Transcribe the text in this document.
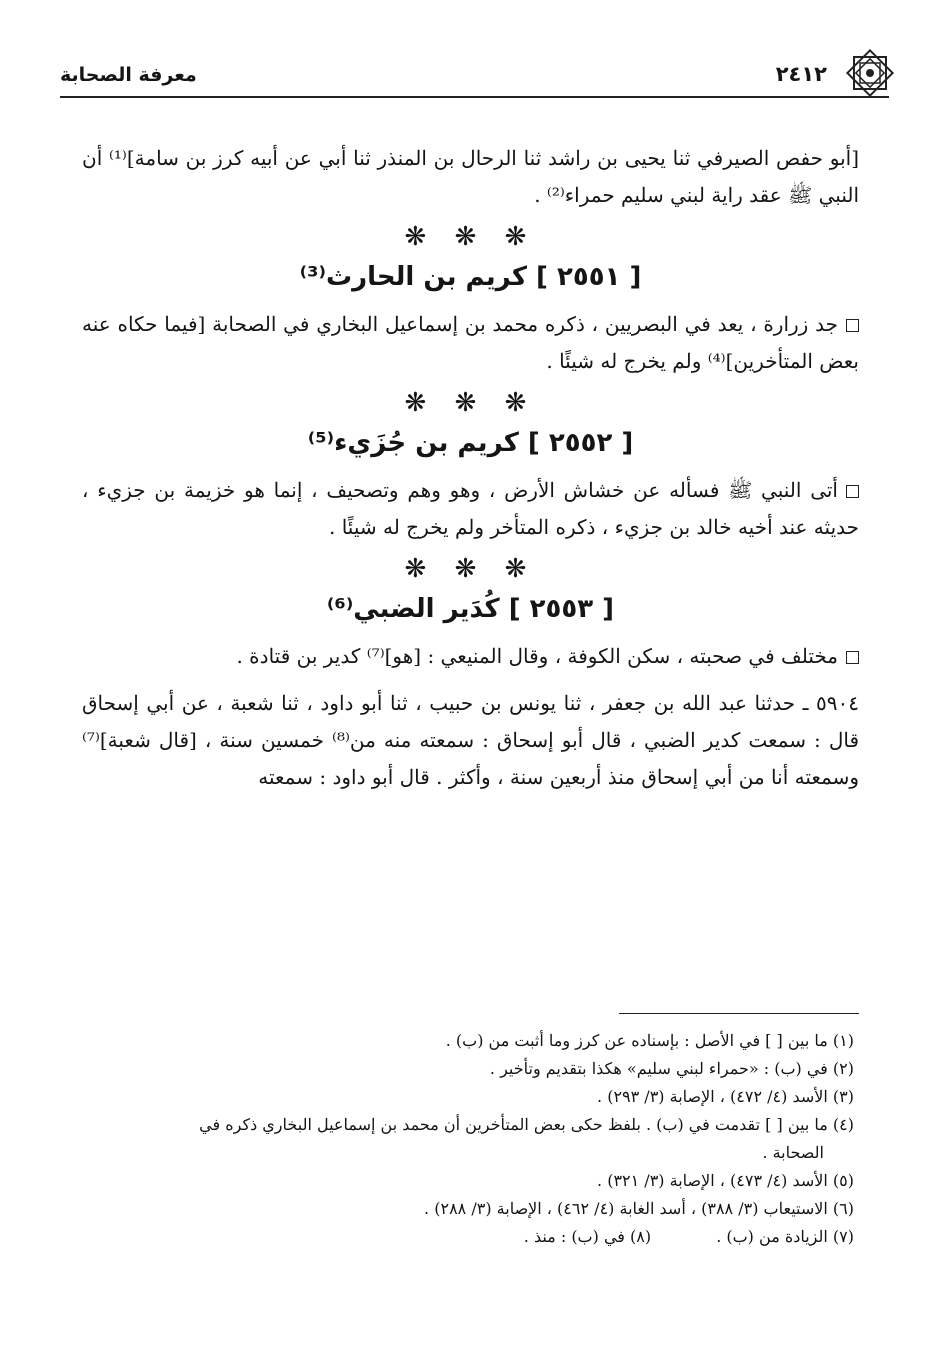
معرفة الصحابة	٢٤١٢

[أبو حفص الصيرفي ثنا يحيى بن راشد ثنا الرحال بن المنذر ثنا أبي عن أبيه كرز بن سامة]⁽¹⁾ أن النبي ﷺ عقد راية لبني سليم حمراء⁽²⁾ .

❋ ❋ ❋
[ ٢٥٥١ ] كريم بن الحارث⁽³⁾

جد زرارة ، يعد في البصريين ، ذكره محمد بن إسماعيل البخاري في الصحابة [فيما حكاه عنه بعض المتأخرين]⁽⁴⁾ ولم يخرج له شيئًا .

❋ ❋ ❋
[ ٢٥٥٢ ] كريم بن جُزَيء⁽⁵⁾

أتى النبي ﷺ فسأله عن خشاش الأرض ، وهو وهم وتصحيف ، إنما هو خزيمة بن جزيء ، حديثه عند أخيه خالد بن جزيء ، ذكره المتأخر ولم يخرج له شيئًا .

❋ ❋ ❋
[ ٢٥٥٣ ] كُدَير الضبي⁽⁶⁾

مختلف في صحبته ، سكن الكوفة ، وقال المنيعي : [هو]⁽⁷⁾ كدير بن قتادة .

٥٩٠٤ ـ حدثنا عبد الله بن جعفر ، ثنا يونس بن حبيب ، ثنا أبو داود ، ثنا شعبة ، عن أبي إسحاق قال : سمعت كدير الضبي ، قال أبو إسحاق : سمعته منه من⁽⁸⁾ خمسين سنة ، [قال شعبة]⁽⁷⁾ وسمعته أنا من أبي إسحاق منذ أربعين سنة ، وأكثر . قال أبو داود : سمعته

(١) ما بين [ ] في الأصل : بإسناده عن كرز وما أثبت من (ب) .

(٢) في (ب) : «حمراء لبني سليم» هكذا بتقديم وتأخير .

(٣) الأسد (٤/ ٤٧٢) ، الإصابة (٣/ ٢٩٣) .

(٤) ما بين [ ] تقدمت في (ب) . بلفظ حكى بعض المتأخرين أن محمد بن إسماعيل البخاري ذكره في

الصحابة .

(٥) الأسد (٤/ ٤٧٣) ، الإصابة (٣/ ٣٢١) .

(٦) الاستيعاب (٣/ ٣٨٨) ، أسد الغابة (٤/ ٤٦٢) ، الإصابة (٣/ ٢٨٨) .

(٧) الزيادة من (ب) . (٨) في (ب) : منذ .
